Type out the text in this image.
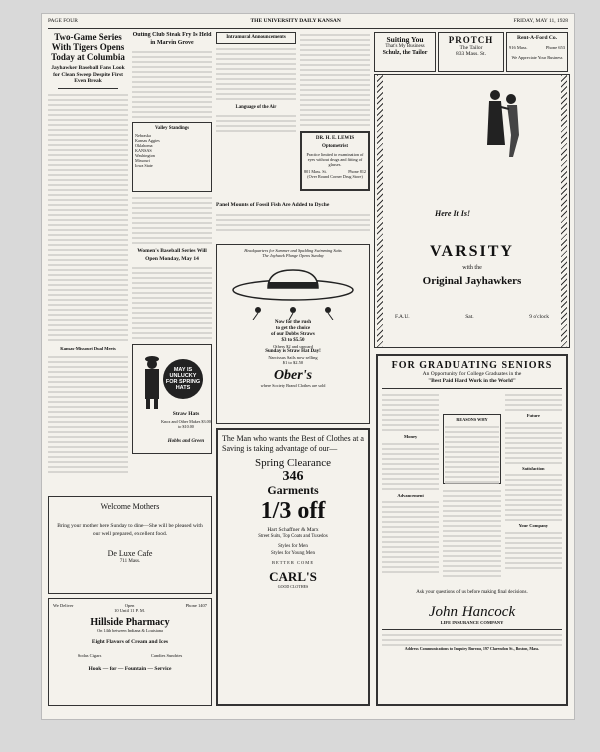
PAGE FOUR	THE UNIVERSITY DAILY KANSAN	FRIDAY, MAY 11, 1928
Two-Game Series With Tigers Opens Today at Columbia
Jayhawker Baseball Fans Look for Clean Sweep Despite First Even Break
Kansas-Missouri Dual Meets
Outing Club Steak Fry Is Held in Marvin Grove
Valley Standings
Nebraska
Kansas Aggies
Oklahoma
KANSAS
Washington
Missouri
Iowa State
Women's Baseball Series Will Open Monday, May 14
MAY IS UNLUCKY FOR SPRING HATS
Straw Hats
Knox and Other Makes $3.00 to $10.00
Hobbs and Green
Intramural Announcements
Language of the Air
DR. H. E. LEWIS Optometrist
Practice limited to examination of eyes without drugs and fitting of glasses.
801 Mass. St.	Phone 812
(Over Round Corner Drug Store)
Panel Mounts of Fossil Fish Are Added to Dyche
Suiting You
That's My Business
Schulz, the Tailor
PROTCH
The Tailor
833 Mass. St.
Rent-A-Ford Co.
916 Mass.	Phone 653
We Appreciate Your Business
Here It Is!
VARSITY
with the
Original Jayhawkers
F.A.U.	Sat.	9 o'clock
Headquarters for Summer and Spalding Swimming Suits
The Jayhawk Plunge Opens Sunday
Now for the rush
to get the choice
of our Dobbs Straws
$3 to $5.50
Others $2 and upward
Sunday is Straw Hat Day!
Narcissus Sails now selling
$1 to $2.50
Ober's
where Society Brand Clothes are sold
The Man who wants the Best of Clothes at a Saving is taking advantage of our—
Spring Clearance
346
Garments
1/3 off
Hart Schaffner & Marx
Street Suits, Top Coats and Tuxedos
Styles for Men
Styles for Young Men
BETTER COME
CARL'S
GOOD CLOTHES
FOR GRADUATING SENIORS
An Opportunity for College Graduates in the
"Best Paid Hard Work in the World"
Money
Advancement
REASONS WHY
Future
Satisfaction
Your Company
Ask your questions of us before making final decisions.
John Hancock
LIFE INSURANCE COMPANY
Address Communications to Inquiry Bureau, 197 Clarendon St., Boston, Mass.
Welcome Mothers
Bring your mother here Sunday to dine—She will be pleased with our well prepared, excellent food.
De Luxe Cafe
711 Mass.
We Deliver	Open
10 Until 11 P. M.
Phone 1407
Hillside Pharmacy
On 14th between Indiana & Louisiana
Eight Flavors of Cream and Ices
Sodas Cigars	Candies Sundries
Hook — for — Fountain — Service
